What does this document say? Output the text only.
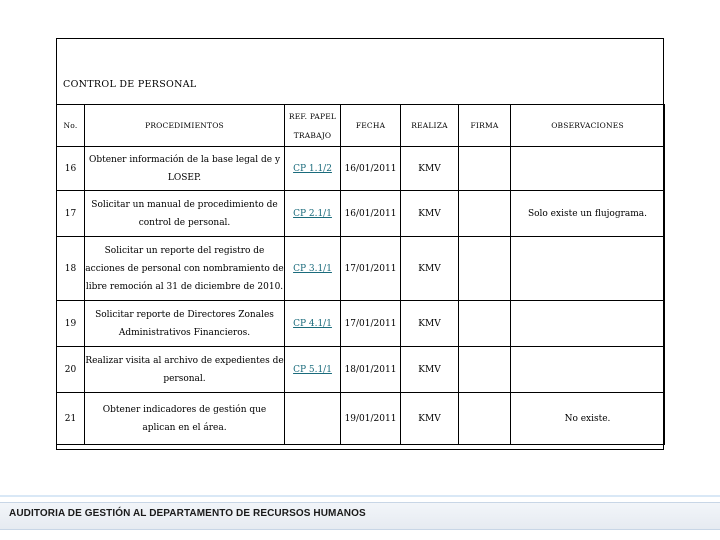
CONTROL DE PERSONAL
No.	PROCEDIMIENTOS	REF. PAPEL TRABAJO	FECHA	REALIZA	FIRMA	OBSERVACIONES
16	Obtener información de la base legal de y LOSEP.	CP 1.1/2	16/01/2011	KMV		
17	Solicitar un manual de procedimiento de control de personal.	CP 2.1/1	16/01/2011	KMV		Solo existe un flujograma.
18	Solicitar un reporte del registro de acciones de personal con nombramiento de libre remoción al 31 de diciembre de 2010.	CP 3.1/1	17/01/2011	KMV		
19	Solicitar reporte de Directores Zonales Administrativos Financieros.	CP 4.1/1	17/01/2011	KMV		
20	Realizar visita al archivo de expedientes de personal.	CP 5.1/1	18/01/2011	KMV		
21	Obtener indicadores de gestión que aplican en el área.		19/01/2011	KMV		No existe.
AUDITORIA DE GESTIÓN AL DEPARTAMENTO DE RECURSOS HUMANOS
